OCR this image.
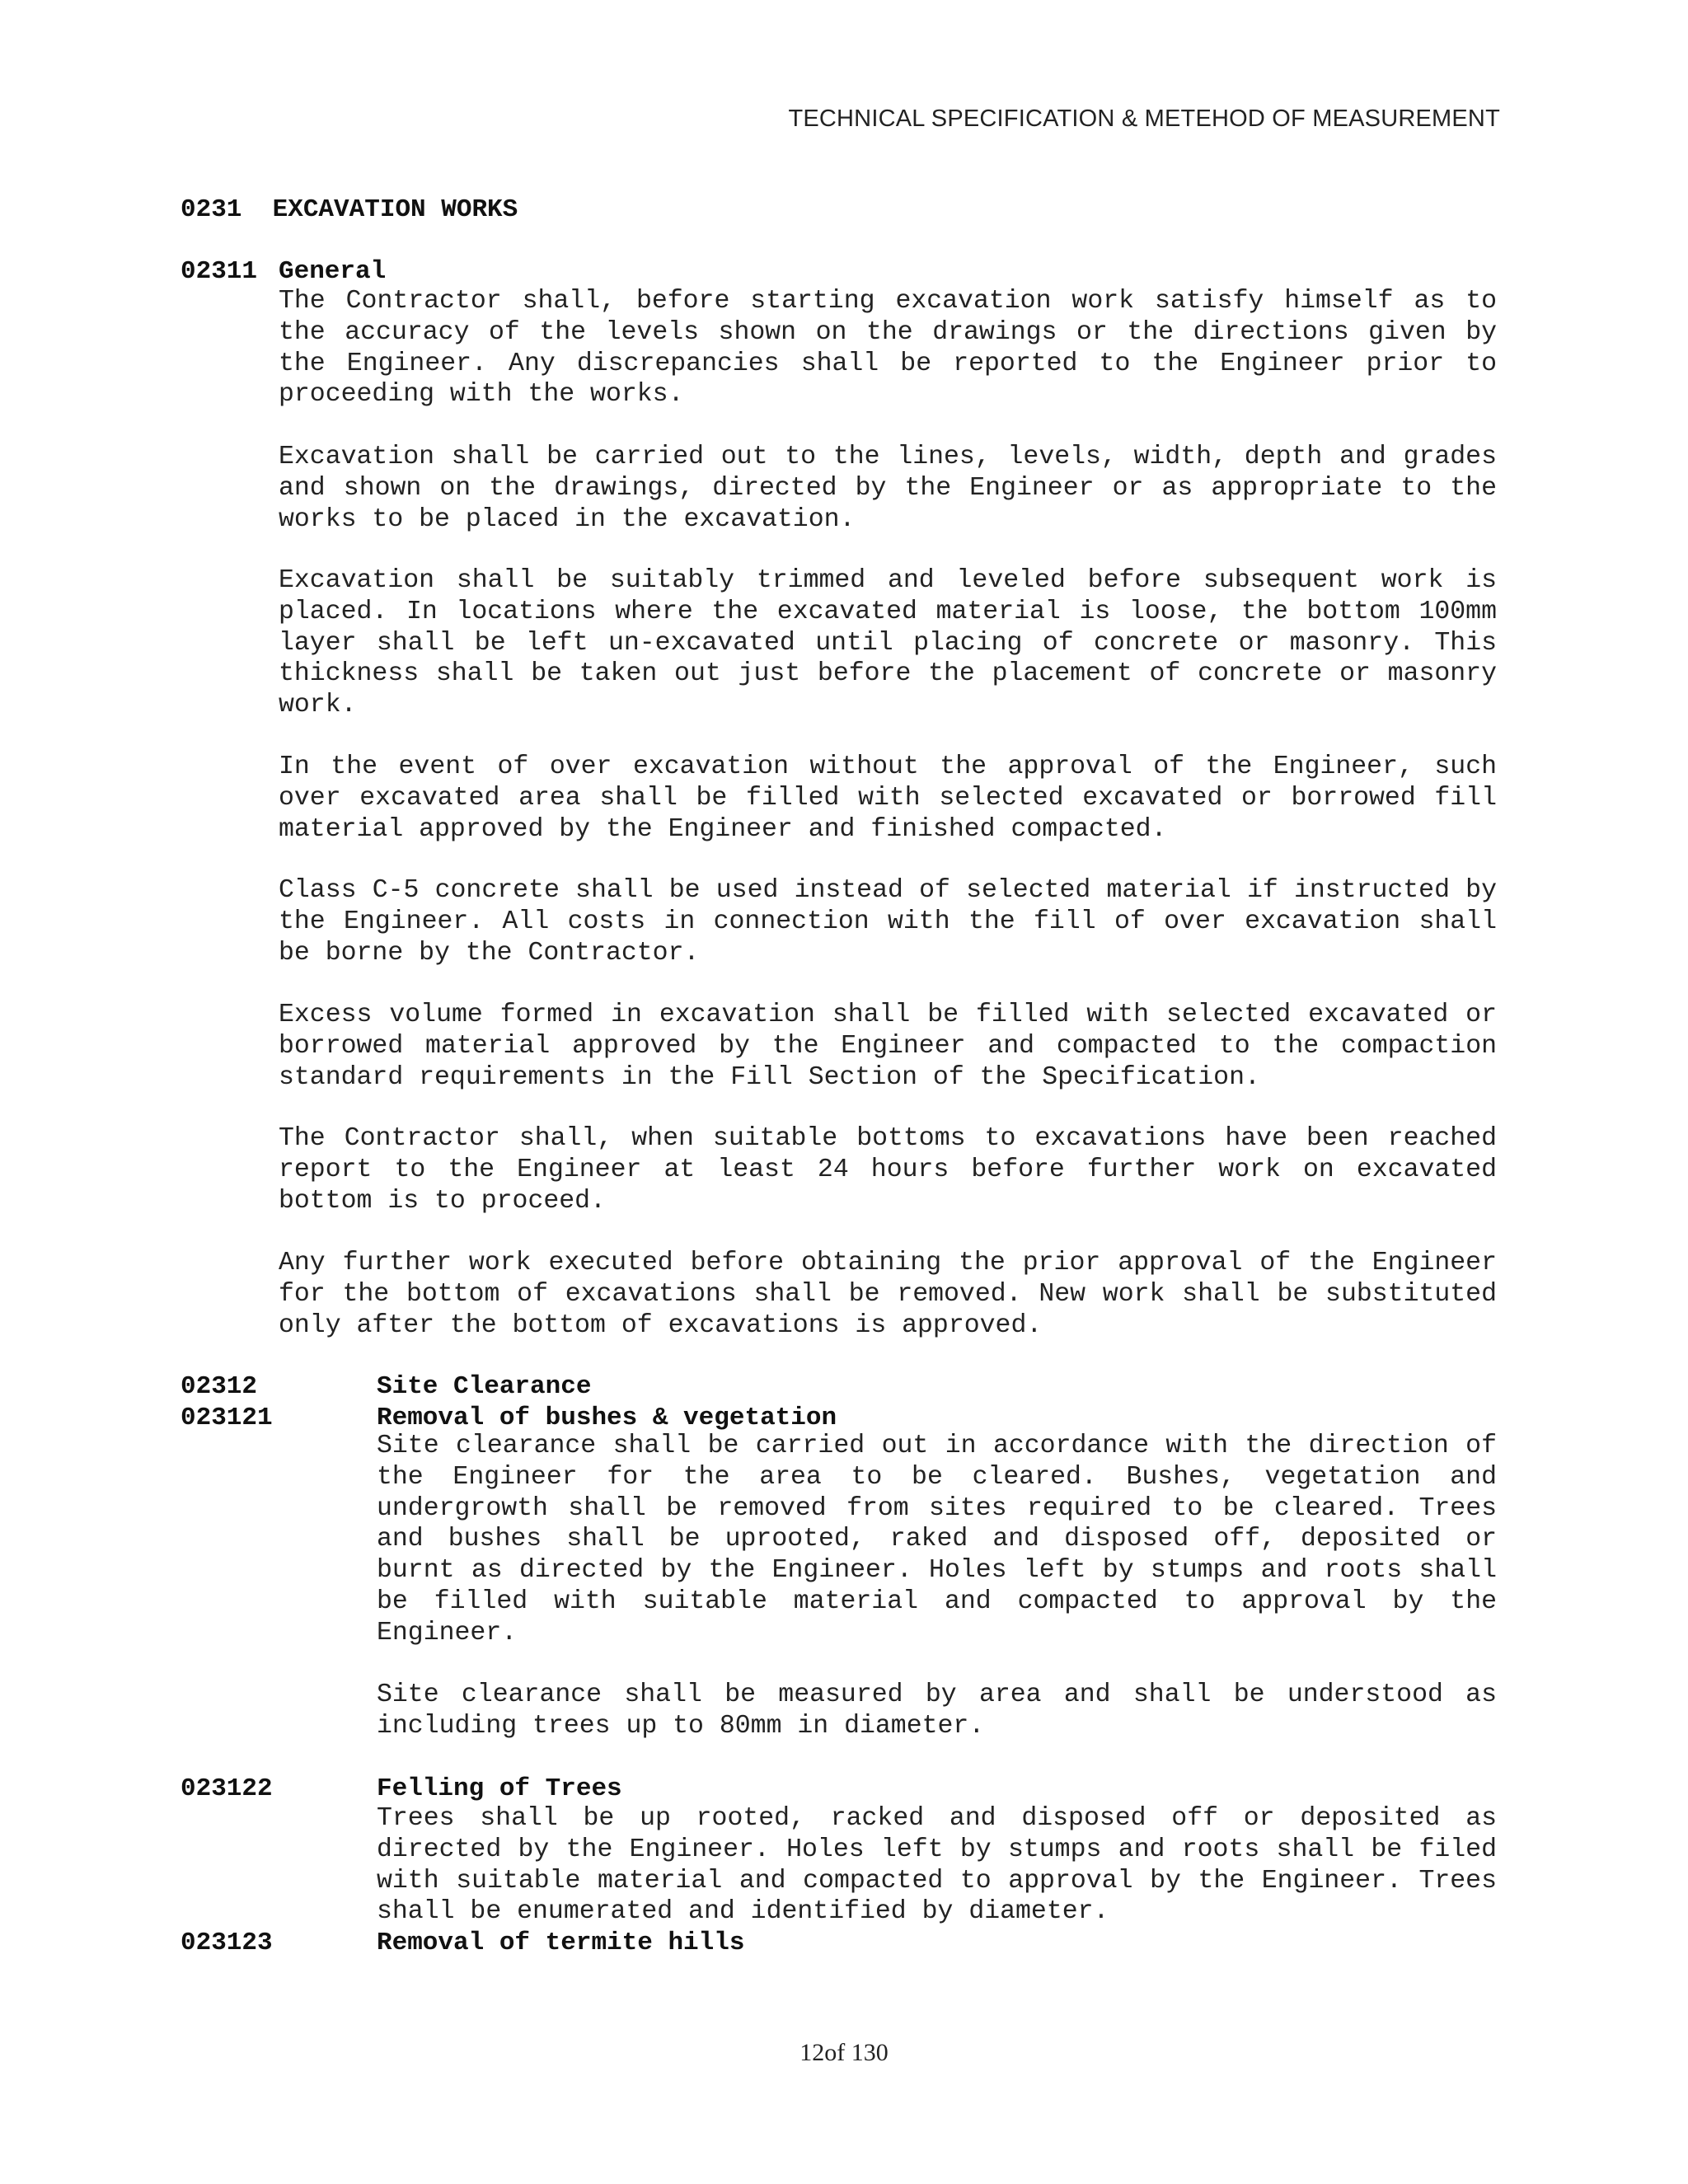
TECHNICAL SPECIFICATION & METEHOD OF MEASUREMENT
0231  EXCAVATION WORKS
02311 General

The Contractor shall, before starting excavation work satisfy himself as to the accuracy of the levels shown on the drawings or the directions given by the Engineer. Any discrepancies shall be reported to the Engineer prior to proceeding with the works.

Excavation shall be carried out to the lines, levels, width, depth and grades and shown on the drawings, directed by the Engineer or as appropriate to the works to be placed in the excavation.

Excavation shall be suitably trimmed and leveled before subsequent work is placed. In locations where the excavated material is loose, the bottom 100mm layer shall be left un-excavated until placing of concrete or masonry. This thickness shall be taken out just before the placement of concrete or masonry work.

In the event of over excavation without the approval of the Engineer, such over excavated area shall be filled with selected excavated or borrowed fill material approved by the Engineer and finished compacted.

Class C-5 concrete shall be used instead of selected material if instructed by the Engineer. All costs in connection with the fill of over excavation shall be borne by the Contractor.

Excess volume formed in excavation shall be filled with selected excavated or borrowed material approved by the Engineer and compacted to the compaction standard requirements in the Fill Section of the Specification.

The Contractor shall, when suitable bottoms to excavations have been reached report to the Engineer at least 24 hours before further work on excavated bottom is to proceed.

Any further work executed before obtaining the prior approval of the Engineer for the bottom of excavations shall be removed. New work shall be substituted only after the bottom of excavations is approved.

02312	Site Clearance
023121	Removal of bushes & vegetation

Site clearance shall be carried out in accordance with the direction of the Engineer for the area to be cleared. Bushes, vegetation and undergrowth shall be removed from sites required to be cleared. Trees and bushes shall be uprooted, raked and disposed off, deposited or burnt as directed by the Engineer. Holes left by stumps and roots shall be filled with suitable material and compacted to approval by the Engineer.

Site clearance shall be measured by area and shall be understood as including trees up to 80mm in diameter.

023122	Felling of Trees

Trees shall be up rooted, racked and disposed off or deposited as directed by the Engineer. Holes left by stumps and roots shall be filed with suitable material and compacted to approval by the Engineer. Trees shall be enumerated and identified by diameter.

023123	Removal of termite hills
12of 130
